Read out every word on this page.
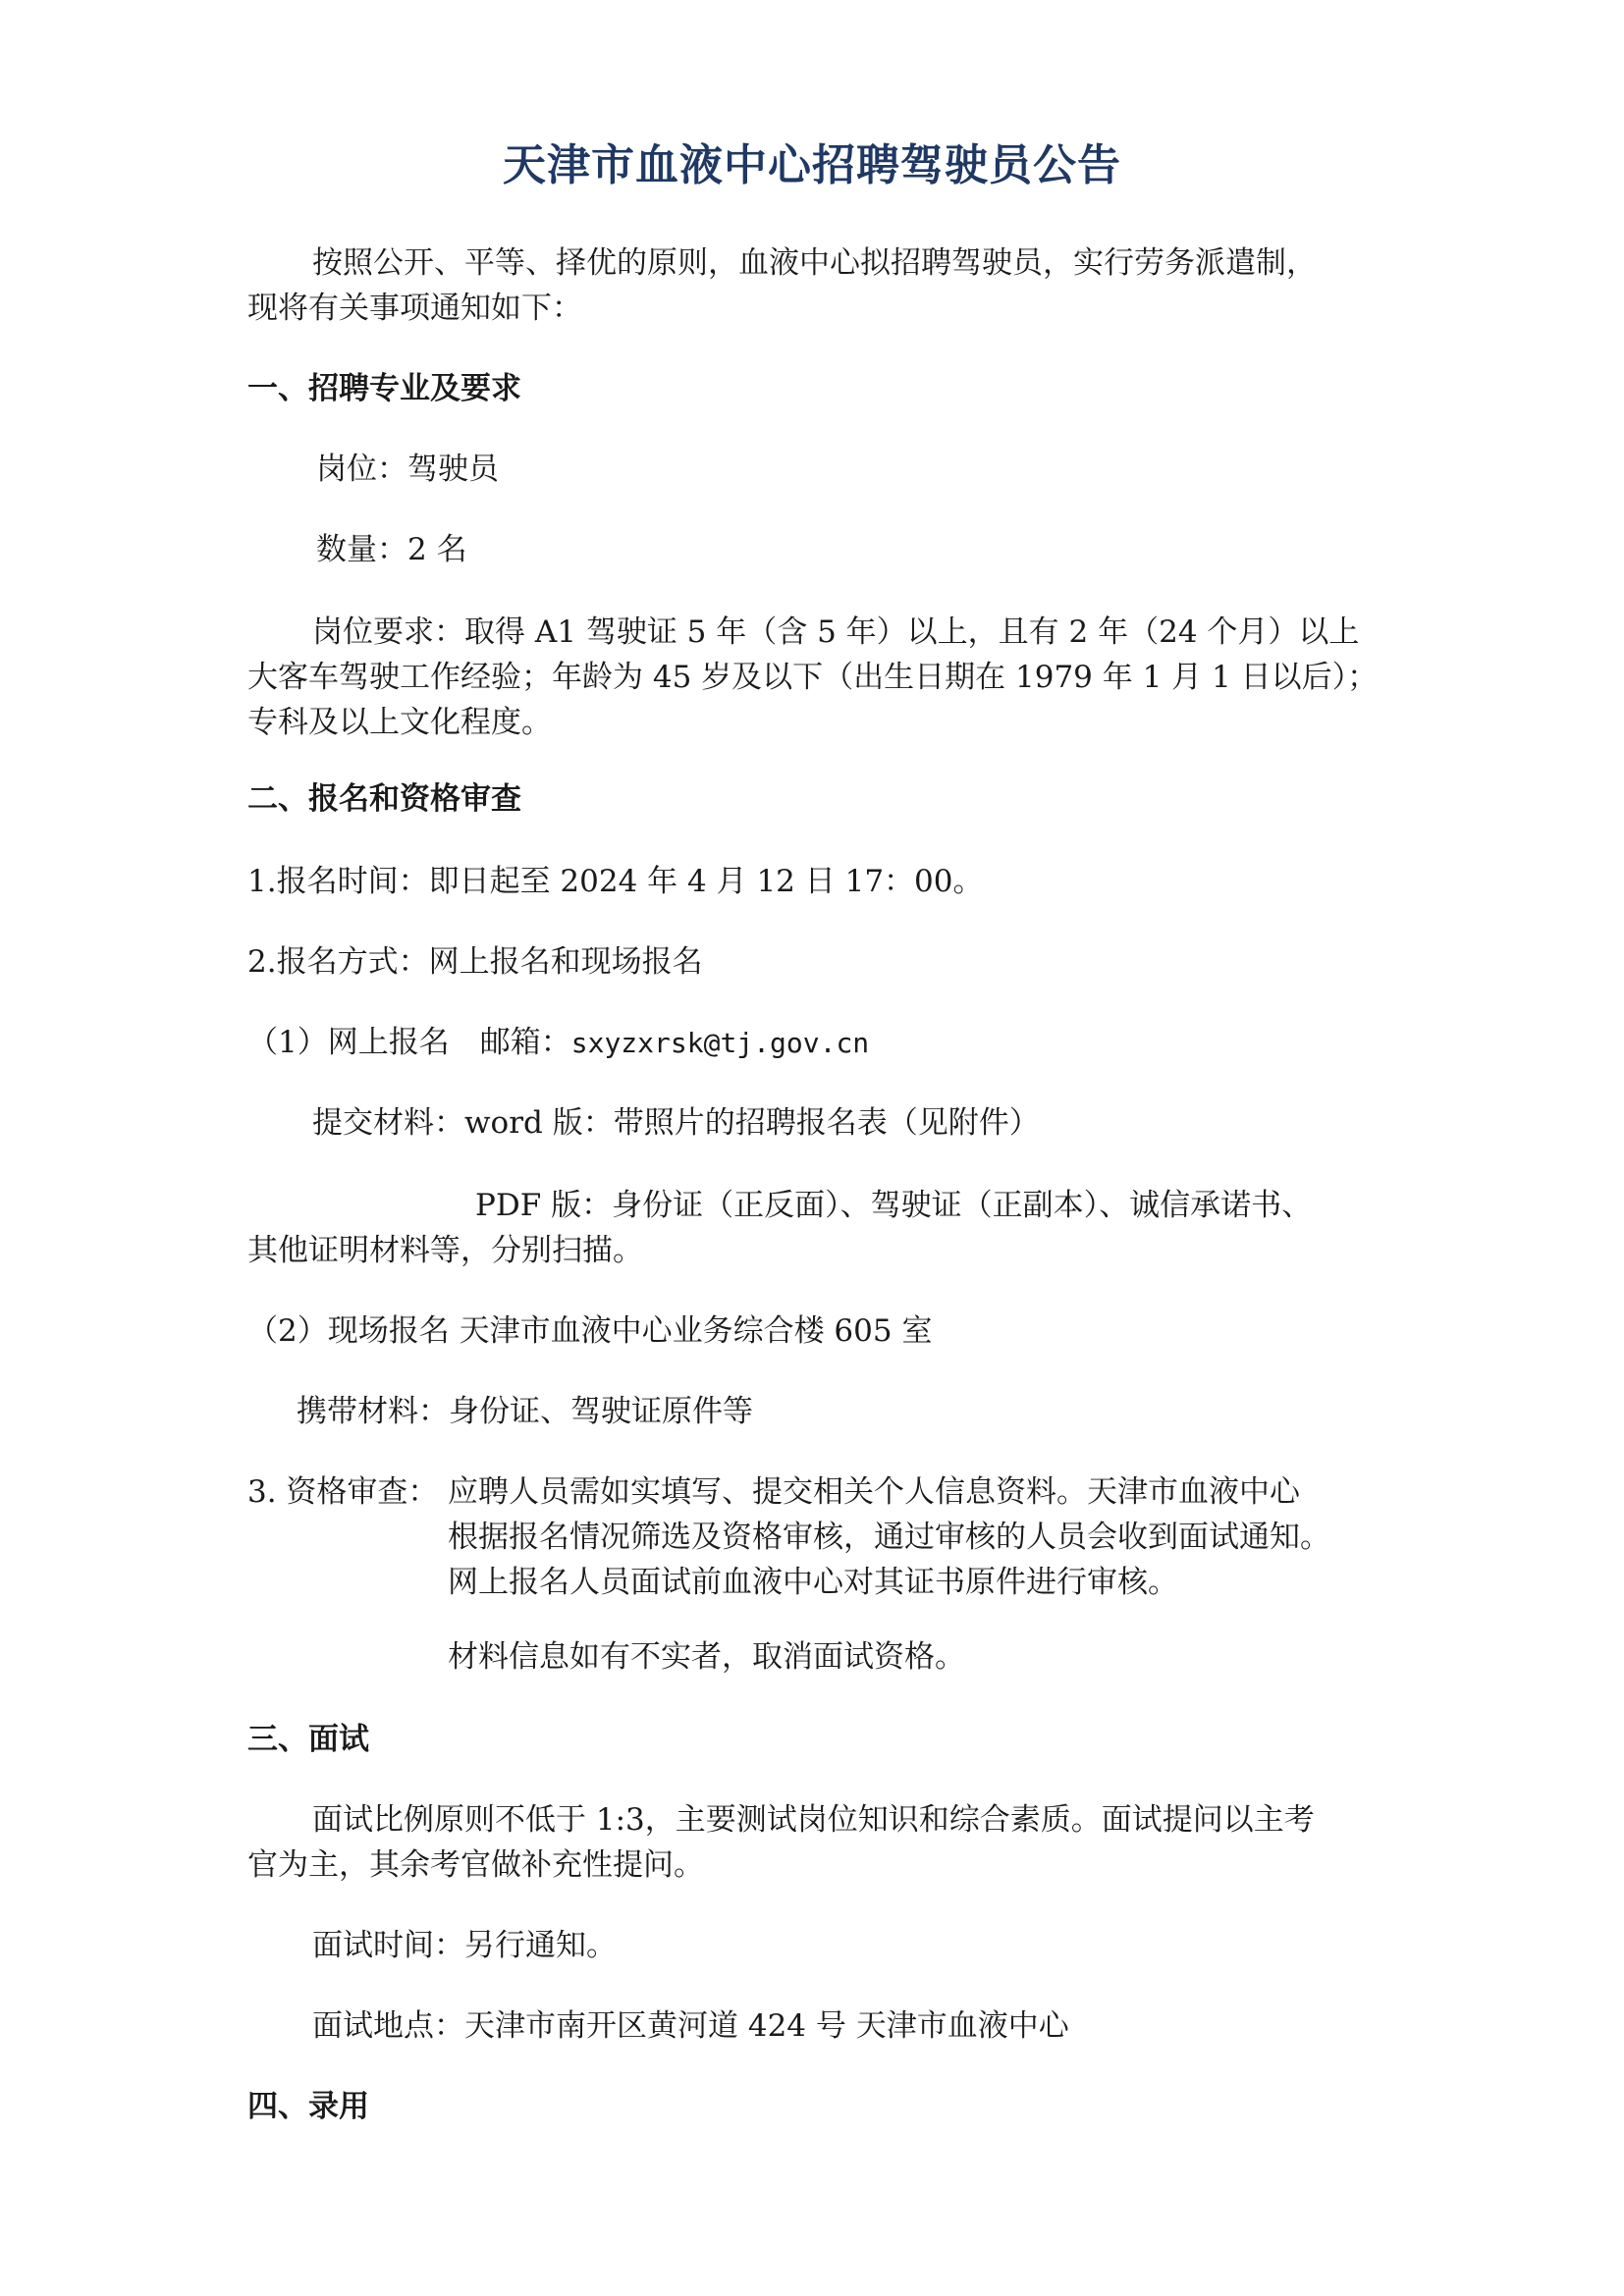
天津市血液中心招聘驾驶员公告
按照公开、平等、择优的原则，血液中心拟招聘驾驶员，实行劳务派遣制，
现将有关事项通知如下：
一、招聘专业及要求
岗位：驾驶员
数量：2 名
岗位要求：取得 A1 驾驶证 5 年（含 5 年）以上，且有 2 年（24 个月）以上
大客车驾驶工作经验；年龄为 45 岁及以下（出生日期在 1979 年 1 月 1 日以后）；
专科及以上文化程度。
二、报名和资格审查
1.报名时间：即日起至 2024 年 4 月 12 日 17：00。
2.报名方式：网上报名和现场报名
（1）网上报名　邮箱：sxyzxrsk@tj.gov.cn
提交材料：word 版：带照片的招聘报名表（见附件）
PDF 版：身份证（正反面）、驾驶证（正副本）、诚信承诺书、
其他证明材料等，分别扫描。
（2）现场报名 天津市血液中心业务综合楼 605 室
携带材料：身份证、驾驶证原件等
3. 资格审查： 应聘人员需如实填写、提交相关个人信息资料。天津市血液中心
根据报名情况筛选及资格审核，通过审核的人员会收到面试通知。
网上报名人员面试前血液中心对其证书原件进行审核。
材料信息如有不实者，取消面试资格。
三、面试
面试比例原则不低于 1:3，主要测试岗位知识和综合素质。面试提问以主考
官为主，其余考官做补充性提问。
面试时间：另行通知。
面试地点：天津市南开区黄河道 424 号 天津市血液中心
四、录用
